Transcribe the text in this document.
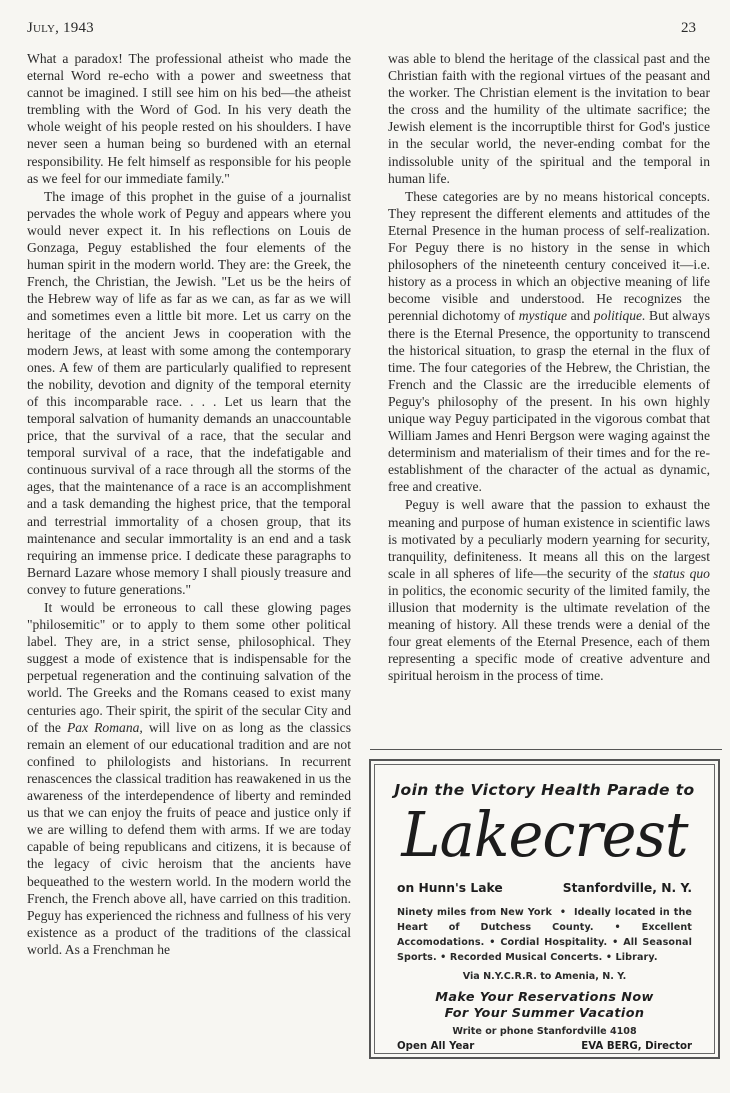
July, 1943	23

What a paradox! The professional atheist who made the eternal Word re-echo with a power and sweetness that cannot be imagined. I still see him on his bed—the atheist trembling with the Word of God. In his very death the whole weight of his people rested on his shoulders. I have never seen a human being so burdened with an eternal responsibility. He felt himself as responsible for his people as we feel for our immediate family."

The image of this prophet in the guise of a journalist pervades the whole work of Peguy and appears where you would never expect it. In his reflections on Louis de Gonzaga, Peguy established the four elements of the human spirit in the modern world. They are: the Greek, the French, the Christian, the Jewish. "Let us be the heirs of the Hebrew way of life as far as we can, as far as we will and sometimes even a little bit more. Let us carry on the heritage of the ancient Jews in cooperation with the modern Jews, at least with some among the contemporary ones. A few of them are particularly qualified to represent the nobility, devotion and dignity of the temporal eternity of this incomparable race. . . . Let us learn that the temporal salvation of humanity demands an unaccountable price, that the survival of a race, that the secular and temporal survival of a race, that the indefatigable and continuous survival of a race through all the storms of the ages, that the maintenance of a race is an accomplishment and a task demanding the highest price, that the temporal and terrestrial immortality of a chosen group, that its maintenance and secular immortality is an end and a task requiring an immense price. I dedicate these paragraphs to Bernard Lazare whose memory I shall piously treasure and convey to future generations."

It would be erroneous to call these glowing pages "philosemitic" or to apply to them some other political label. They are, in a strict sense, philosophical. They suggest a mode of existence that is indispensable for the perpetual regeneration and the continuing salvation of the world. The Greeks and the Romans ceased to exist many centuries ago. Their spirit, the spirit of the secular City and of the Pax Romana, will live on as long as the classics remain an element of our educational tradition and are not confined to philologists and historians. In recurrent renascences the classical tradition has reawakened in us the awareness of the interdependence of liberty and reminded us that we can enjoy the fruits of peace and justice only if we are willing to defend them with arms. If we are today capable of being republicans and citizens, it is because of the legacy of civic heroism that the ancients have bequeathed to the western world. In the modern world the French, the French above all, have carried on this tradition. Peguy has experienced the richness and fullness of his very existence as a product of the traditions of the classical world. As a Frenchman he

was able to blend the heritage of the classical past and the Christian faith with the regional virtues of the peasant and the worker. The Christian element is the invitation to bear the cross and the humility of the ultimate sacrifice; the Jewish element is the incorruptible thirst for God's justice in the secular world, the never-ending combat for the indissoluble unity of the spiritual and the temporal in human life.

These categories are by no means historical concepts. They represent the different elements and attitudes of the Eternal Presence in the human process of self-realization. For Peguy there is no history in the sense in which philosophers of the nineteenth century conceived it—i.e. history as a process in which an objective meaning of life become visible and understood. He recognizes the perennial dichotomy of mystique and politique. But always there is the Eternal Presence, the opportunity to transcend the historical situation, to grasp the eternal in the flux of time. The four categories of the Hebrew, the Christian, the French and the Classic are the irreducible elements of Peguy's philosophy of the present. In his own highly unique way Peguy participated in the vigorous combat that William James and Henri Bergson were waging against the determinism and materialism of their times and for the re-establishment of the character of the actual as dynamic, free and creative.

Peguy is well aware that the passion to exhaust the meaning and purpose of human existence in scientific laws is motivated by a peculiarly modern yearning for security, tranquility, definiteness. It means all this on the largest scale in all spheres of life—the security of the status quo in politics, the economic security of the limited family, the illusion that modernity is the ultimate revelation of the meaning of history. All these trends were a denial of the four great elements of the Eternal Presence, each of them representing a specific mode of creative adventure and spiritual heroism in the process of time.

Join the Victory Health Parade to
Lakecrest
on Hunn's Lake	Stanfordville, N. Y.
Ninety miles from New York  •  Ideally located in the Heart of Dutchess County. • Excellent Accomodations. • Cordial Hospitality. • All Seasonal Sports. • Recorded Musical Concerts. • Library.
Via N.Y.C.R.R. to Amenia, N. Y.
Make Your Reservations Now
For Your Summer Vacation
Write or phone Stanfordville 4108
Open All Year	EVA BERG, Director
